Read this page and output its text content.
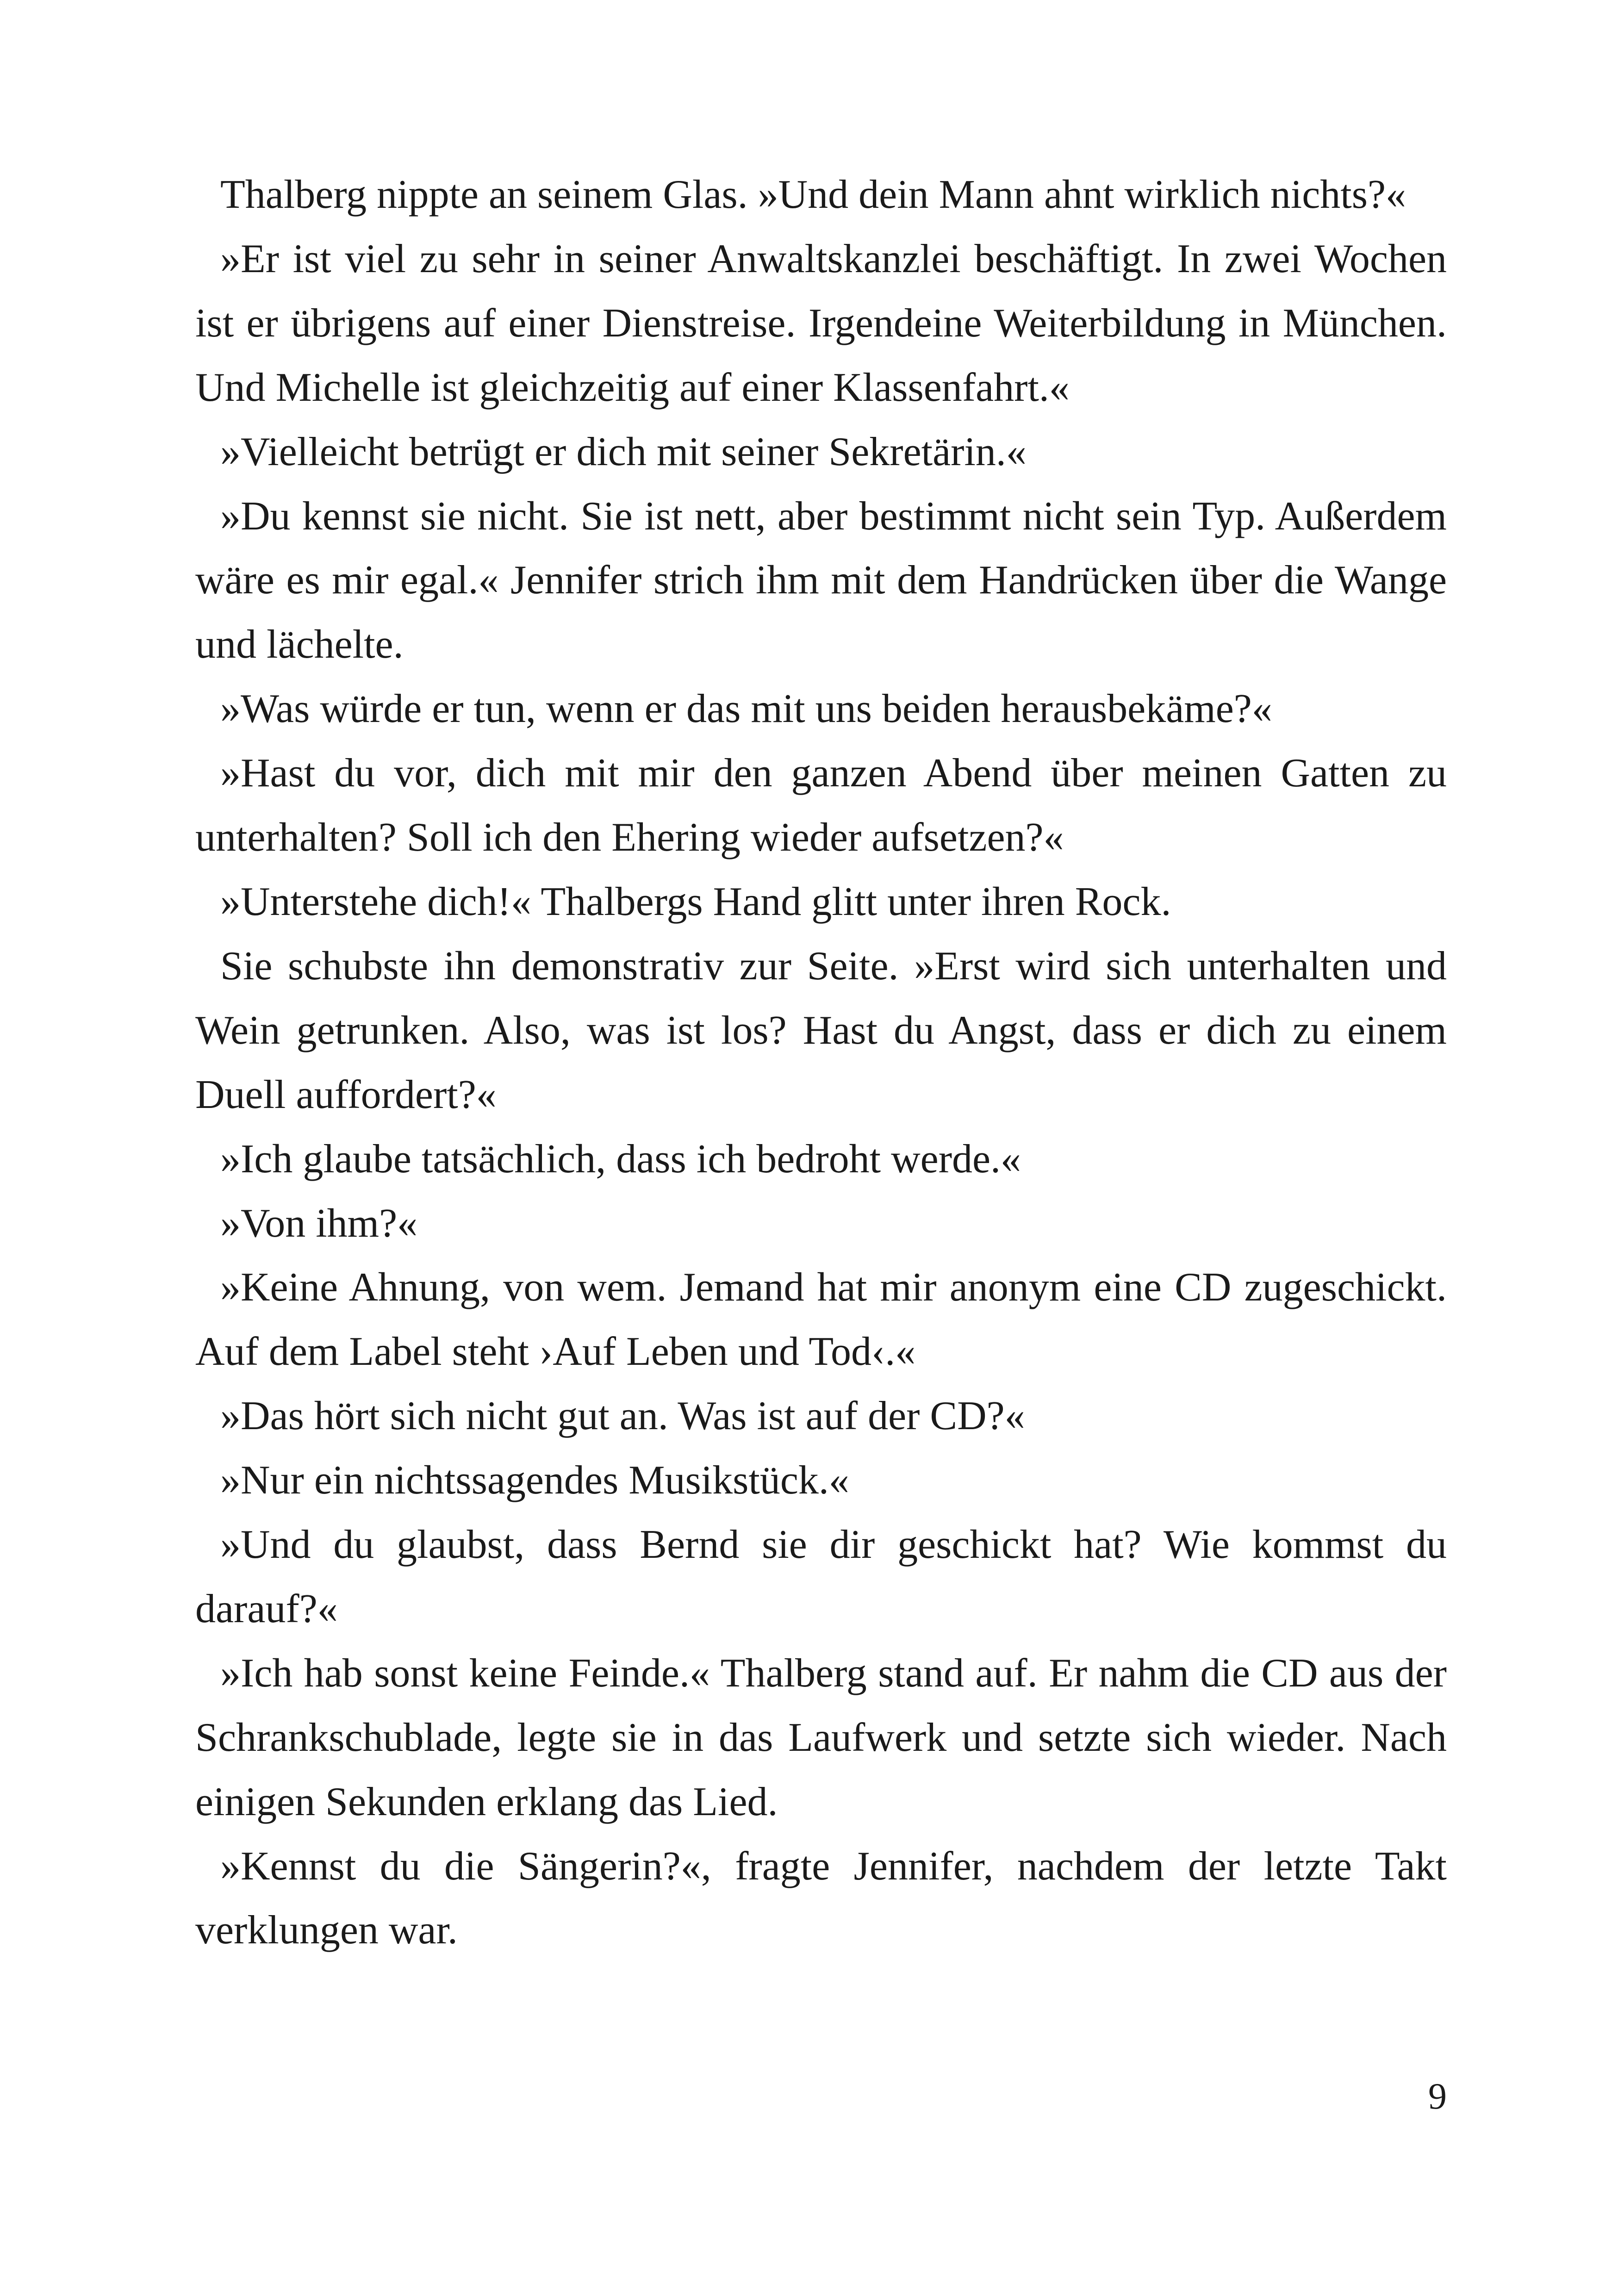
Thalberg nippte an seinem Glas. »Und dein Mann ahnt wirklich nichts?«

»Er ist viel zu sehr in seiner Anwaltskanzlei beschäftigt. In zwei Wochen ist er übrigens auf einer Dienstreise. Irgendeine Weiterbildung in München. Und Michelle ist gleichzeitig auf einer Klassenfahrt.«

»Vielleicht betrügt er dich mit seiner Sekretärin.«

»Du kennst sie nicht. Sie ist nett, aber bestimmt nicht sein Typ. Außerdem wäre es mir egal.« Jennifer strich ihm mit dem Handrücken über die Wange und lächelte.

»Was würde er tun, wenn er das mit uns beiden herausbekäme?«

»Hast du vor, dich mit mir den ganzen Abend über meinen Gatten zu unterhalten? Soll ich den Ehering wieder aufsetzen?«

»Unterstehe dich!« Thalbergs Hand glitt unter ihren Rock.

Sie schubste ihn demonstrativ zur Seite. »Erst wird sich unterhalten und Wein getrunken. Also, was ist los? Hast du Angst, dass er dich zu einem Duell auffordert?«

»Ich glaube tatsächlich, dass ich bedroht werde.«

»Von ihm?«

»Keine Ahnung, von wem. Jemand hat mir anonym eine CD zugeschickt. Auf dem Label steht ›Auf Leben und Tod‹.«

»Das hört sich nicht gut an. Was ist auf der CD?«

»Nur ein nichtssagendes Musikstück.«

»Und du glaubst, dass Bernd sie dir geschickt hat? Wie kommst du darauf?«

»Ich hab sonst keine Feinde.« Thalberg stand auf. Er nahm die CD aus der Schrankschublade, legte sie in das Laufwerk und setzte sich wieder. Nach einigen Sekunden erklang das Lied.

»Kennst du die Sängerin?«, fragte Jennifer, nachdem der letzte Takt verklungen war.

9
